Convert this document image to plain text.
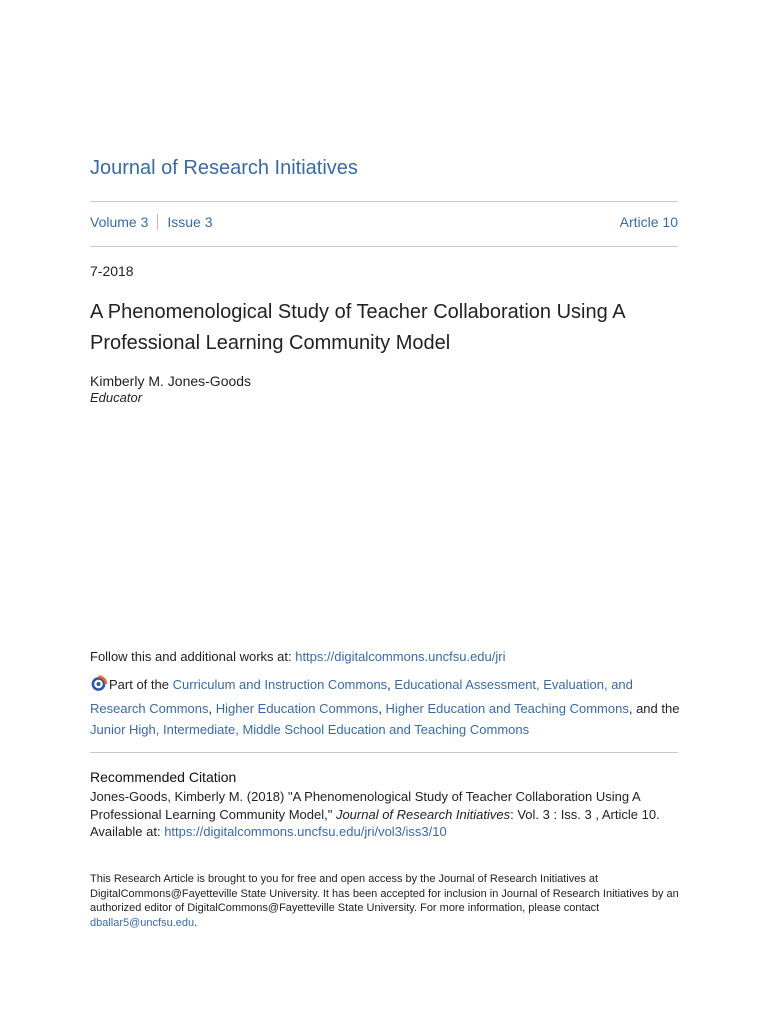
Journal of Research Initiatives
Volume 3 Issue 3	Article 10
7-2018
A Phenomenological Study of Teacher Collaboration Using A Professional Learning Community Model
Kimberly M. Jones-Goods
Educator
Follow this and additional works at: https://digitalcommons.uncfsu.edu/jri
Part of the Curriculum and Instruction Commons, Educational Assessment, Evaluation, and Research Commons, Higher Education Commons, Higher Education and Teaching Commons, and the Junior High, Intermediate, Middle School Education and Teaching Commons
Recommended Citation
Jones-Goods, Kimberly M. (2018) "A Phenomenological Study of Teacher Collaboration Using A Professional Learning Community Model," Journal of Research Initiatives: Vol. 3 : Iss. 3 , Article 10.
Available at: https://digitalcommons.uncfsu.edu/jri/vol3/iss3/10
This Research Article is brought to you for free and open access by the Journal of Research Initiatives at DigitalCommons@Fayetteville State University. It has been accepted for inclusion in Journal of Research Initiatives by an authorized editor of DigitalCommons@Fayetteville State University. For more information, please contact dballar5@uncfsu.edu.
